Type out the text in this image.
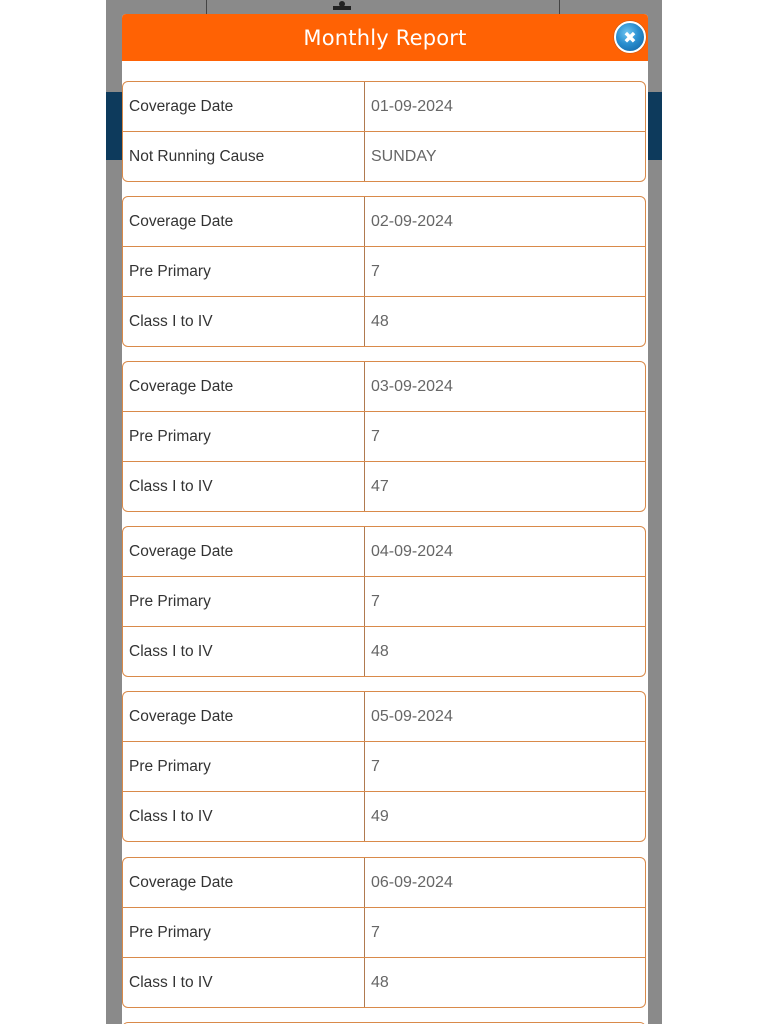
Monthly Report	✖
Coverage Date	01-09-2024
Not Running Cause	SUNDAY
Coverage Date	02-09-2024
Pre Primary	7
Class I to IV	48
Coverage Date	03-09-2024
Pre Primary	7
Class I to IV	47
Coverage Date	04-09-2024
Pre Primary	7
Class I to IV	48
Coverage Date	05-09-2024
Pre Primary	7
Class I to IV	49
Coverage Date	06-09-2024
Pre Primary	7
Class I to IV	48
